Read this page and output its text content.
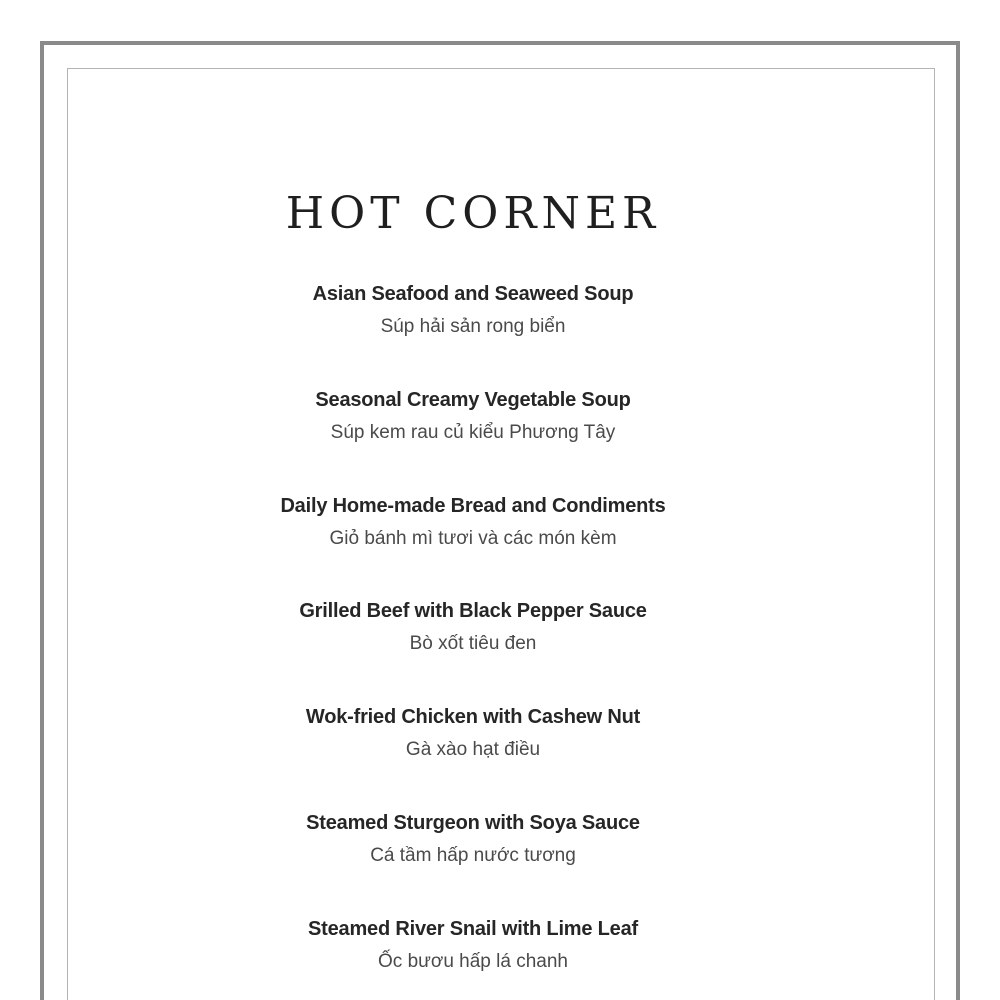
HOT CORNER
Asian Seafood and Seaweed Soup
Súp hải sản rong biển
Seasonal Creamy Vegetable Soup
Súp kem rau củ kiểu Phương Tây
Daily Home-made Bread and Condiments
Giỏ bánh mì tươi và các món kèm
Grilled Beef with Black Pepper Sauce
Bò xốt tiêu đen
Wok-fried Chicken with Cashew Nut
Gà xào hạt điều
Steamed Sturgeon with Soya Sauce
Cá tầm hấp nước tương
Steamed River Snail with Lime Leaf
Ốc bươu hấp lá chanh
